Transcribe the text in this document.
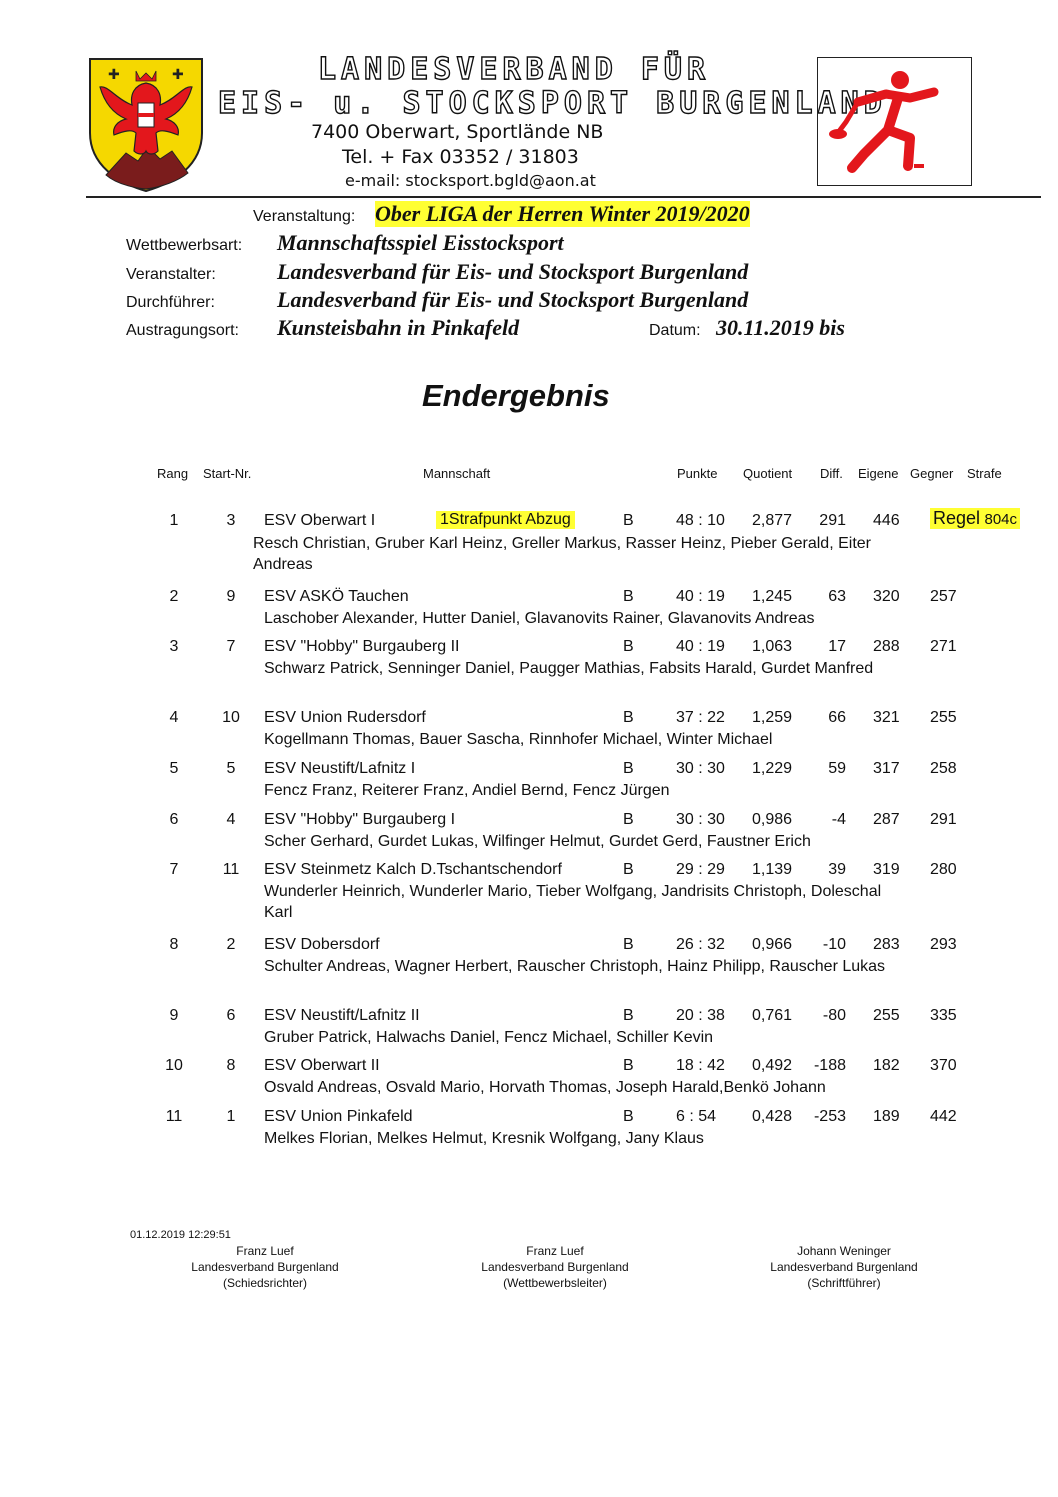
✚	✚	LANDESVERBAND FÜR
EIS- u. STOCKSPORT BURGENLAND
7400 Oberwart, Sportlände NB
Tel. + Fax 03352 / 31803
e-mail: stocksport.bgld@aon.at
Veranstaltung: Ober LIGA der Herren Winter 2019/2020
Wettbewerbsart: Mannschaftsspiel Eisstocksport
Veranstalter:	Landesverband für Eis- und Stocksport Burgenland
Durchführer:	Landesverband für Eis- und Stocksport Burgenland
Austragungsort: Kunsteisbahn in Pinkafeld	Datum: 30.11.2019 bis
Endergebnis
Rang Start-Nr.	Mannschaft	Punkte Quotient Diff. Eigene Gegner Strafe
1	3 ESV Oberwart I	1Strafpunkt Abzug	B	48 : 10 2,877 291 446 Regel 804c
Resch Christian, Gruber Karl Heinz, Greller Markus, Rasser Heinz, Pieber Gerald, Eiter Andreas
2	9 ESV ASKÖ Tauchen	B	40 : 19 1,245 63 320 257
Laschober Alexander, Hutter Daniel, Glavanovits Rainer, Glavanovits Andreas
3	7 ESV "Hobby" Burgauberg II	B	40 : 19 1,063 17 288 271
Schwarz Patrick, Senninger Daniel, Paugger Mathias, Fabsits Harald, Gurdet Manfred
4	10 ESV Union Rudersdorf	B	37 : 22 1,259 66 321 255
Kogellmann Thomas, Bauer Sascha, Rinnhofer Michael, Winter Michael
5	5 ESV Neustift/Lafnitz I	B	30 : 30 1,229 59 317 258
Fencz Franz, Reiterer Franz, Andiel Bernd, Fencz Jürgen
6	4 ESV "Hobby" Burgauberg I	B	30 : 30 0,986 -4 287 291
Scher Gerhard, Gurdet Lukas, Wilfinger Helmut, Gurdet Gerd, Faustner Erich
7	11 ESV Steinmetz Kalch D.Tschantschendorf	B	29 : 29 1,139 39 319 280
Wunderler Heinrich, Wunderler Mario, Tieber Wolfgang, Jandrisits Christoph, Doleschal Karl
8	2 ESV Dobersdorf	B	26 : 32 0,966 -10 283 293
Schulter Andreas, Wagner Herbert, Rauscher Christoph, Hainz Philipp, Rauscher Lukas
9	6 ESV Neustift/Lafnitz II	B	20 : 38 0,761 -80 255 335
Gruber Patrick, Halwachs Daniel, Fencz Michael, Schiller Kevin
10	8 ESV Oberwart II	B	18 : 42 0,492 -188 182 370
Osvald Andreas, Osvald Mario, Horvath Thomas, Joseph Harald,Benkö Johann
11	1 ESV Union Pinkafeld	B	6 : 54 0,428 -253 189 442
Melkes Florian, Melkes Helmut, Kresnik Wolfgang, Jany Klaus
01.12.2019 12:29:51
Franz Luef
Landesverband Burgenland
(Schiedsrichter)
Franz Luef
Landesverband Burgenland
(Wettbewerbsleiter)
Johann Weninger
Landesverband Burgenland
(Schriftführer)
